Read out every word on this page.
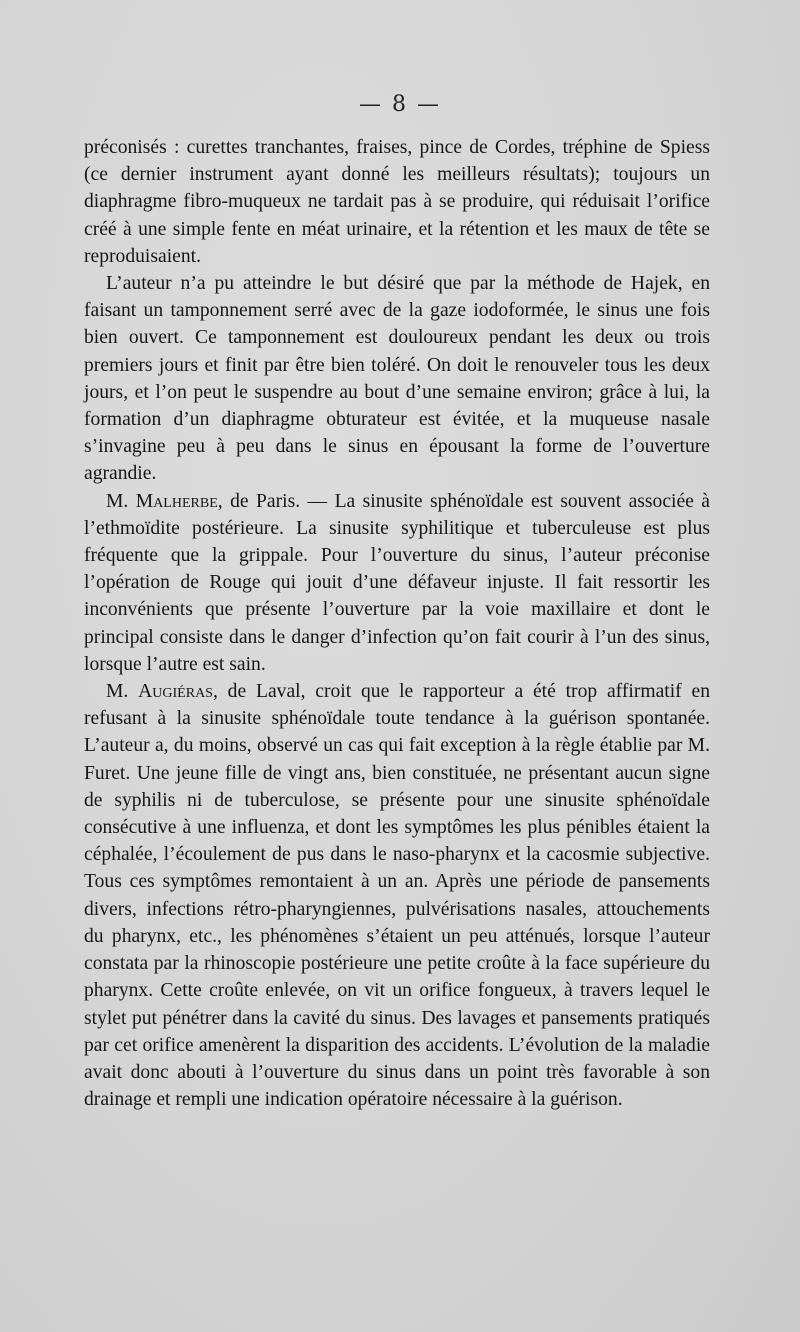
— 8 —

préconisés : curettes tranchantes, fraises, pince de Cordes, tréphine de Spiess (ce dernier instrument ayant donné les meilleurs résultats); toujours un diaphragme fibro-muqueux ne tardait pas à se produire, qui réduisait l’orifice créé à une simple fente en méat urinaire, et la rétention et les maux de tête se reproduisaient.

L’auteur n’a pu atteindre le but désiré que par la méthode de Hajek, en faisant un tamponnement serré avec de la gaze iodoformée, le sinus une fois bien ouvert. Ce tamponnement est douloureux pendant les deux ou trois premiers jours et finit par être bien toléré. On doit le renouveler tous les deux jours, et l’on peut le suspendre au bout d’une semaine environ; grâce à lui, la formation d’un diaphragme obturateur est évitée, et la muqueuse nasale s’invagine peu à peu dans le sinus en épousant la forme de l’ouverture agrandie.

M. Malherbe, de Paris. — La sinusite sphénoïdale est souvent associée à l’ethmoïdite postérieure. La sinusite syphilitique et tuberculeuse est plus fréquente que la grippale. Pour l’ouverture du sinus, l’auteur préconise l’opération de Rouge qui jouit d’une défaveur injuste. Il fait ressortir les inconvénients que présente l’ouverture par la voie maxillaire et dont le principal consiste dans le danger d’infection qu’on fait courir à l’un des sinus, lorsque l’autre est sain.

M. Augiéras, de Laval, croit que le rapporteur a été trop affirmatif en refusant à la sinusite sphénoïdale toute tendance à la guérison spontanée. L’auteur a, du moins, observé un cas qui fait exception à la règle établie par M. Furet. Une jeune fille de vingt ans, bien constituée, ne présentant aucun signe de syphilis ni de tuberculose, se présente pour une sinusite sphénoïdale consécutive à une influenza, et dont les symptômes les plus pénibles étaient la céphalée, l’écoulement de pus dans le naso-pharynx et la cacosmie subjective. Tous ces symptômes remontaient à un an. Après une période de pansements divers, infections rétro-pharyngiennes, pulvérisations nasales, attouchements du pharynx, etc., les phénomènes s’étaient un peu atténués, lorsque l’auteur constata par la rhinoscopie postérieure une petite croûte à la face supérieure du pharynx. Cette croûte enlevée, on vit un orifice fongueux, à travers lequel le stylet put pénétrer dans la cavité du sinus. Des lavages et pansements pratiqués par cet orifice amenèrent la disparition des accidents. L’évolution de la maladie avait donc abouti à l’ouverture du sinus dans un point très favorable à son drainage et rempli une indication opératoire nécessaire à la guérison.
